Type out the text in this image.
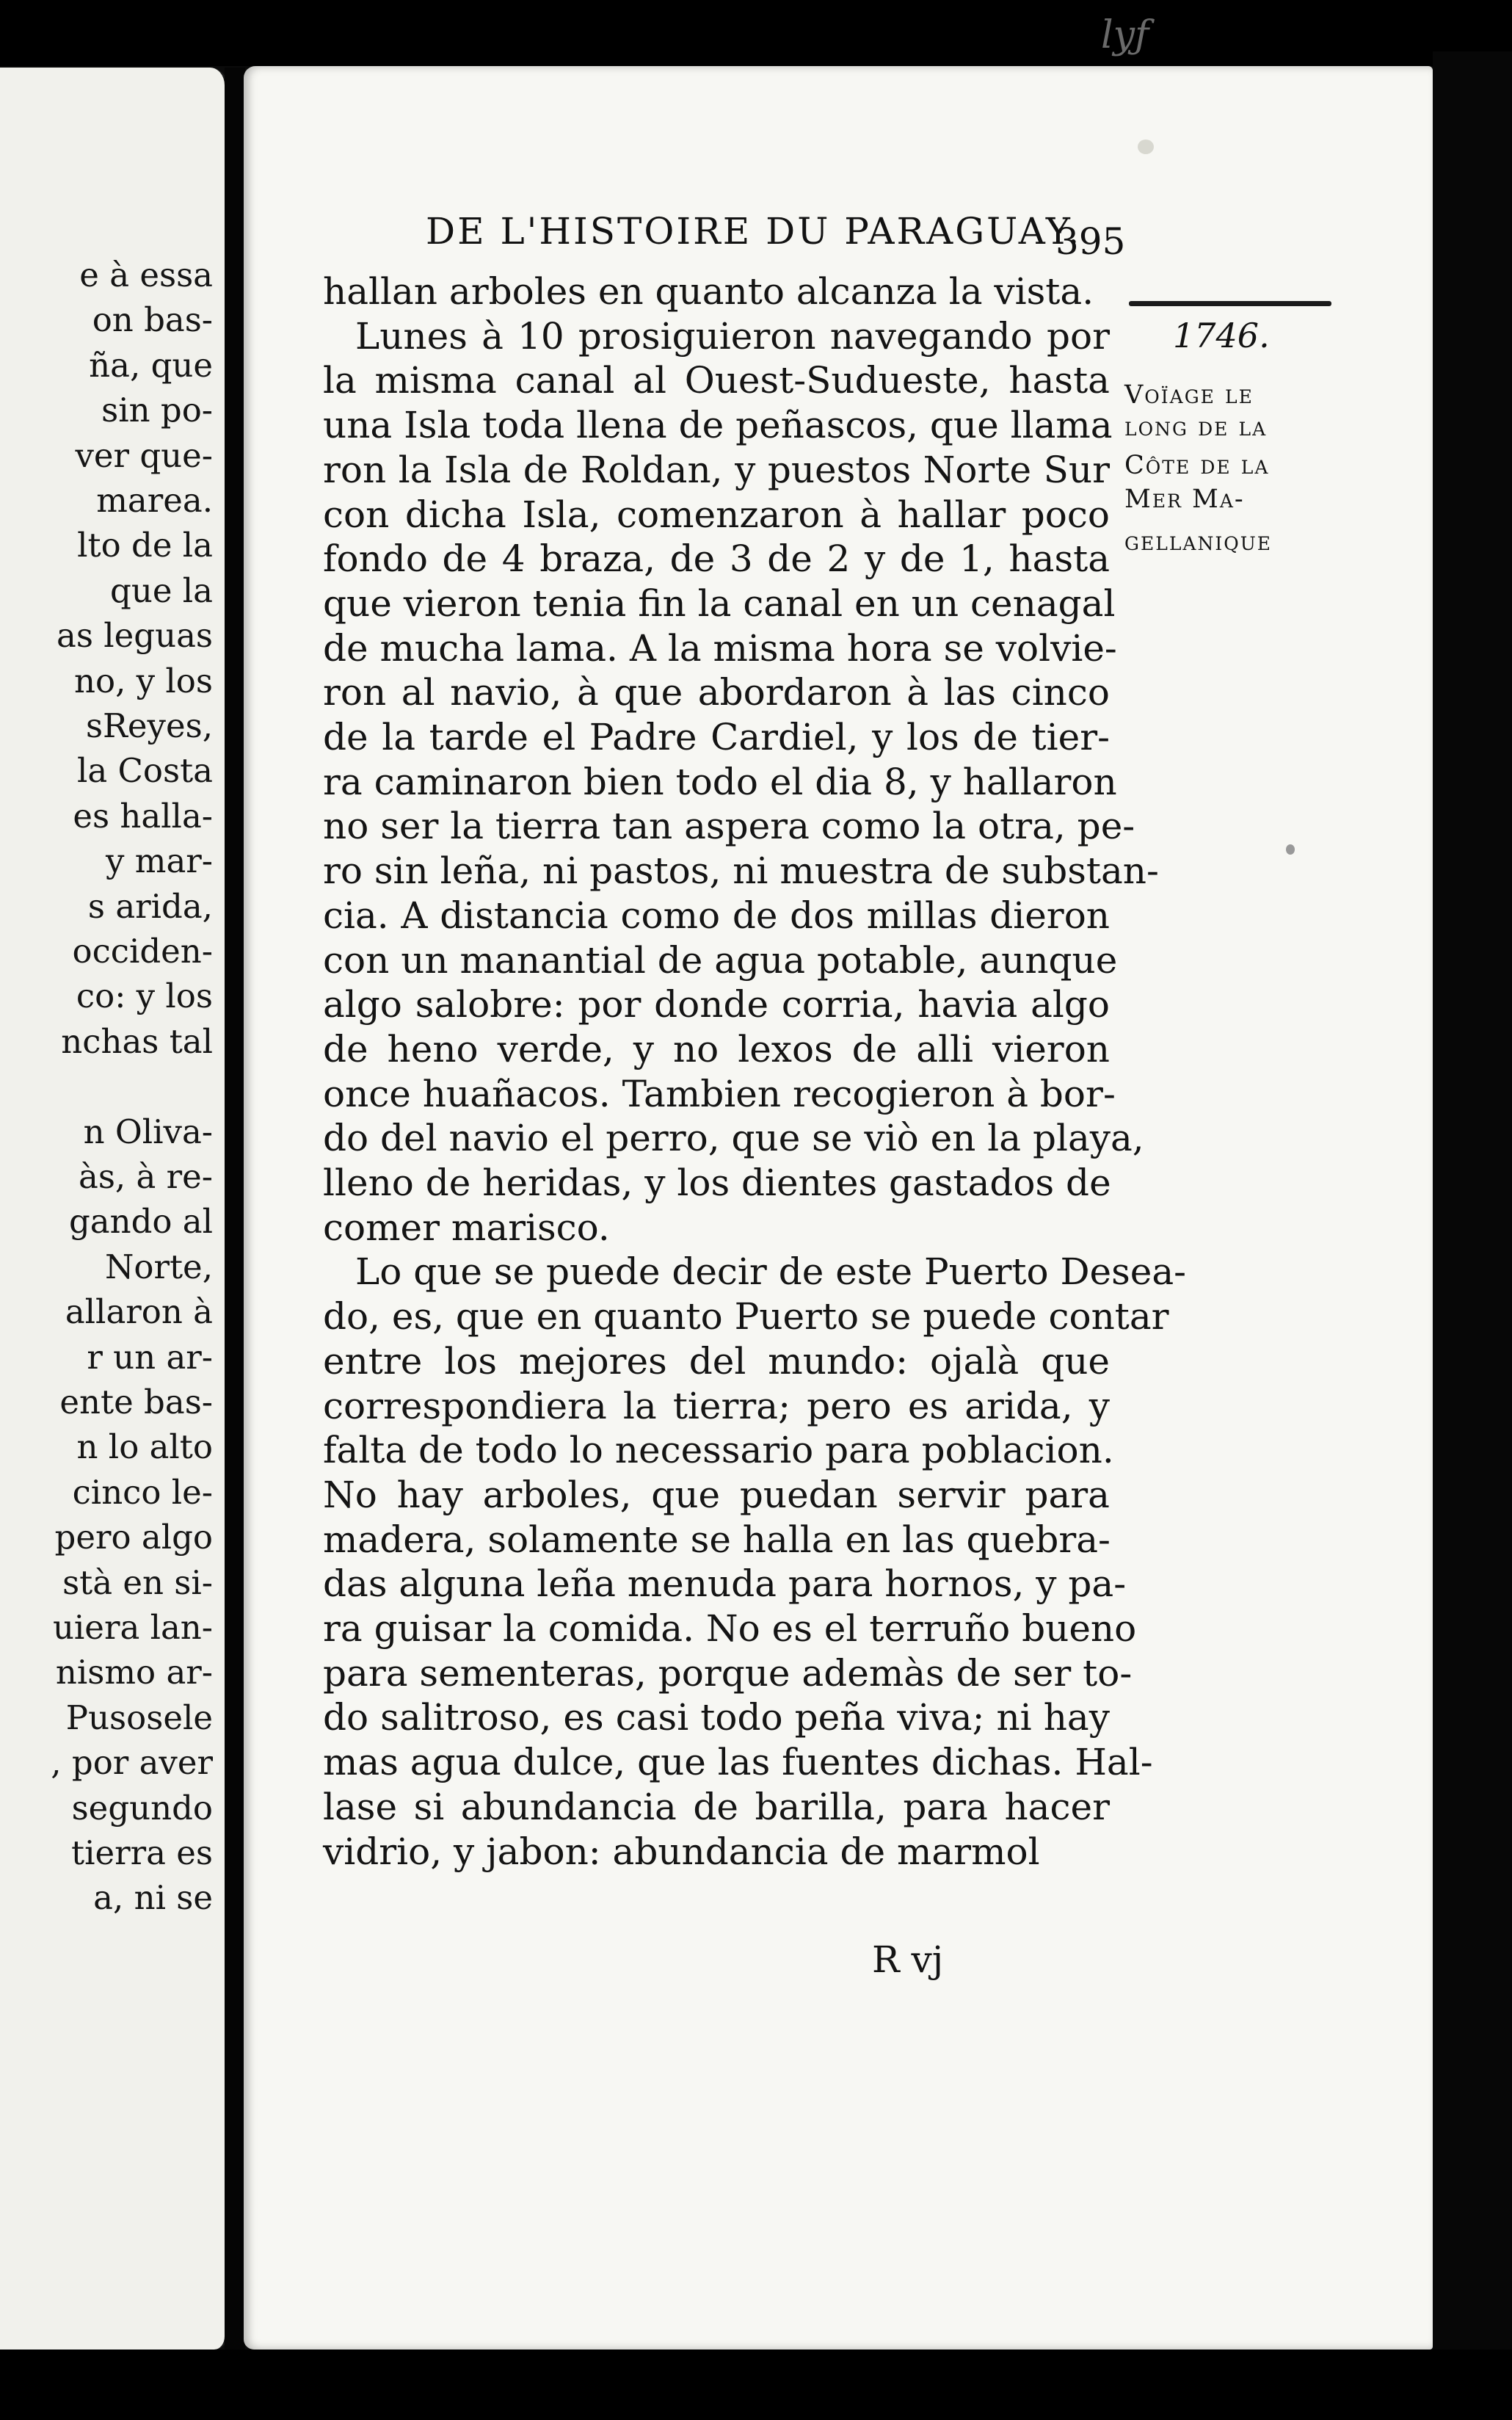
lyƒ
e à essa
on bas-
ña, que
sin po-
ver que-
marea.
lto de la
que la
as leguas
no, y los
sReyes,
la Costa
es halla-
y mar-
s arida,
occiden-
co: y los
nchas tal
n Oliva-
às, à re-
gando al
Norte,
allaron à
r un ar-
ente bas-
n lo alto
cinco le-
pero algo
stà en si-
uiera lan-
nismo ar-
Pusosele
, por aver
segundo
tierra es
a, ni se
DE L'HISTOIRE DU PARAGUAY.
395
1746.
Voïage le
long de la
Côte de la
Mer Ma-
gellanique
hallan arboles en quanto alcanza la vista.
Lunes à 10 prosiguieron navegando por
la misma canal al Ouest-Sudueste, hasta
una Isla toda llena de peñascos, que llama
ron la Isla de Roldan, y puestos Norte Sur
con dicha Isla, comenzaron à hallar poco
fondo de 4 braza, de 3 de 2 y de 1, hasta
que vieron tenia fin la canal en un cenagal
de mucha lama. A la misma hora se volvie-
ron al navio, à que abordaron à las cinco
de la tarde el Padre Cardiel, y los de tier-
ra caminaron bien todo el dia 8, y hallaron
no ser la tierra tan aspera como la otra, pe-
ro sin leña, ni pastos, ni muestra de substan-
cia. A distancia como de dos millas dieron
con un manantial de agua potable, aunque
algo salobre: por donde corria, havia algo
de heno verde, y no lexos de alli vieron
once huañacos. Tambien recogieron à bor-
do del navio el perro, que se viò en la playa,
lleno de heridas, y los dientes gastados de
comer marisco.
Lo que se puede decir de este Puerto Desea-
do, es, que en quanto Puerto se puede contar
entre los mejores del mundo: ojalà que
correspondiera la tierra; pero es arida, y
falta de todo lo necessario para poblacion.
No hay arboles, que puedan servir para
madera, solamente se halla en las quebra-
das alguna leña menuda para hornos, y pa-
ra guisar la comida. No es el terruño bueno
para sementeras, porque ademàs de ser to-
do salitroso, es casi todo peña viva; ni hay
mas agua dulce, que las fuentes dichas. Hal-
lase si abundancia de barilla, para hacer
vidrio, y jabon: abundancia de marmol
R vj
